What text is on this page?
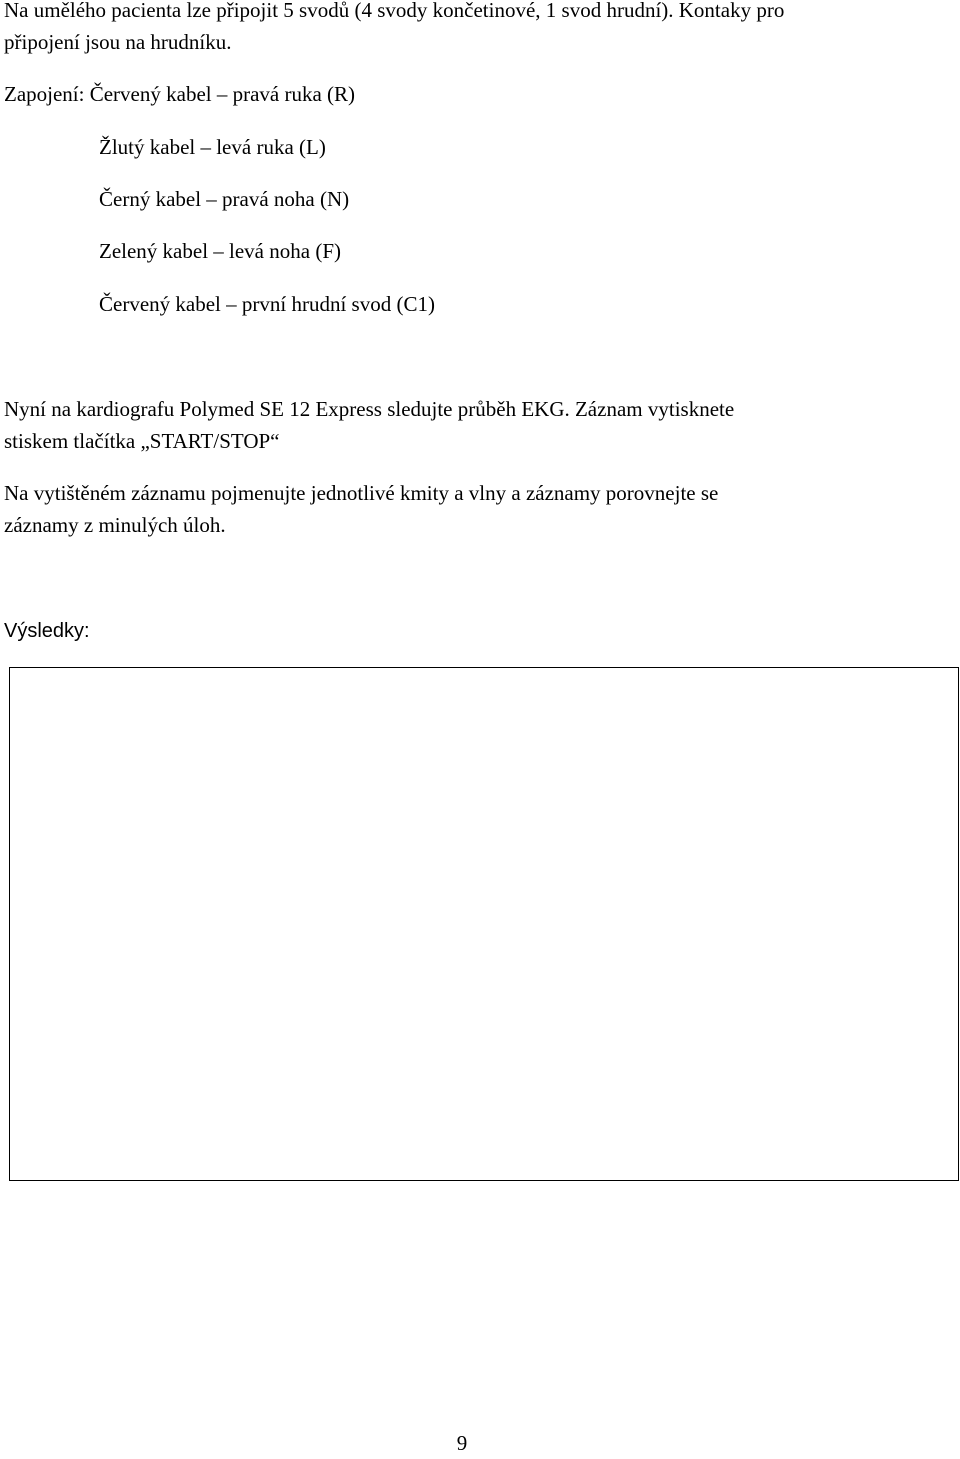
Na umělého pacienta lze připojit 5 svodů (4 svody končetinové, 1 svod hrudní). Kontaky pro
připojení jsou na hrudníku.
Zapojení: Červený kabel – pravá ruka (R)
Žlutý kabel – levá ruka (L)
Černý kabel – pravá noha (N)
Zelený kabel – levá noha (F)
Červený kabel – první hrudní svod (C1)
Nyní na kardiografu Polymed SE 12 Express sledujte průběh EKG. Záznam vytisknete
stiskem tlačítka „START/STOP“
Na vytištěném záznamu pojmenujte jednotlivé kmity a vlny a záznamy porovnejte se
záznamy z minulých úloh.
Výsledky:
9
